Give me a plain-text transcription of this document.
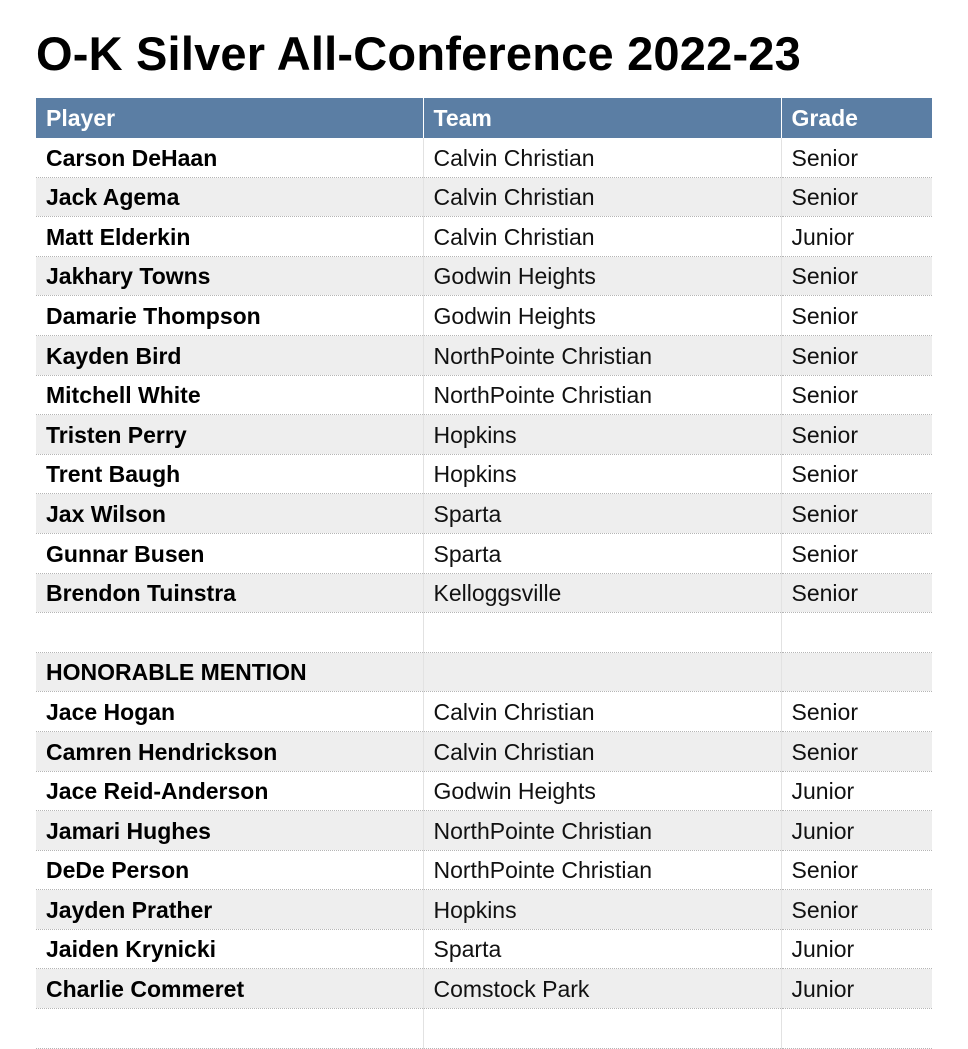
O-K Silver All-Conference 2022-23
Player	Team	Grade
Carson DeHaan	Calvin Christian	Senior
Jack Agema	Calvin Christian	Senior
Matt Elderkin	Calvin Christian	Junior
Jakhary Towns	Godwin Heights	Senior
Damarie Thompson	Godwin Heights	Senior
Kayden Bird	NorthPointe Christian	Senior
Mitchell White	NorthPointe Christian	Senior
Tristen Perry	Hopkins	Senior
Trent Baugh	Hopkins	Senior
Jax Wilson	Sparta	Senior
Gunnar Busen	Sparta	Senior
Brendon Tuinstra	Kelloggsville	Senior

HONORABLE MENTION		
Jace Hogan	Calvin Christian	Senior
Camren Hendrickson	Calvin Christian	Senior
Jace Reid-Anderson	Godwin Heights	Junior
Jamari Hughes	NorthPointe Christian	Junior
DeDe Person	NorthPointe Christian	Senior
Jayden Prather	Hopkins	Senior
Jaiden Krynicki	Sparta	Junior
Charlie Commeret	Comstock Park	Junior
